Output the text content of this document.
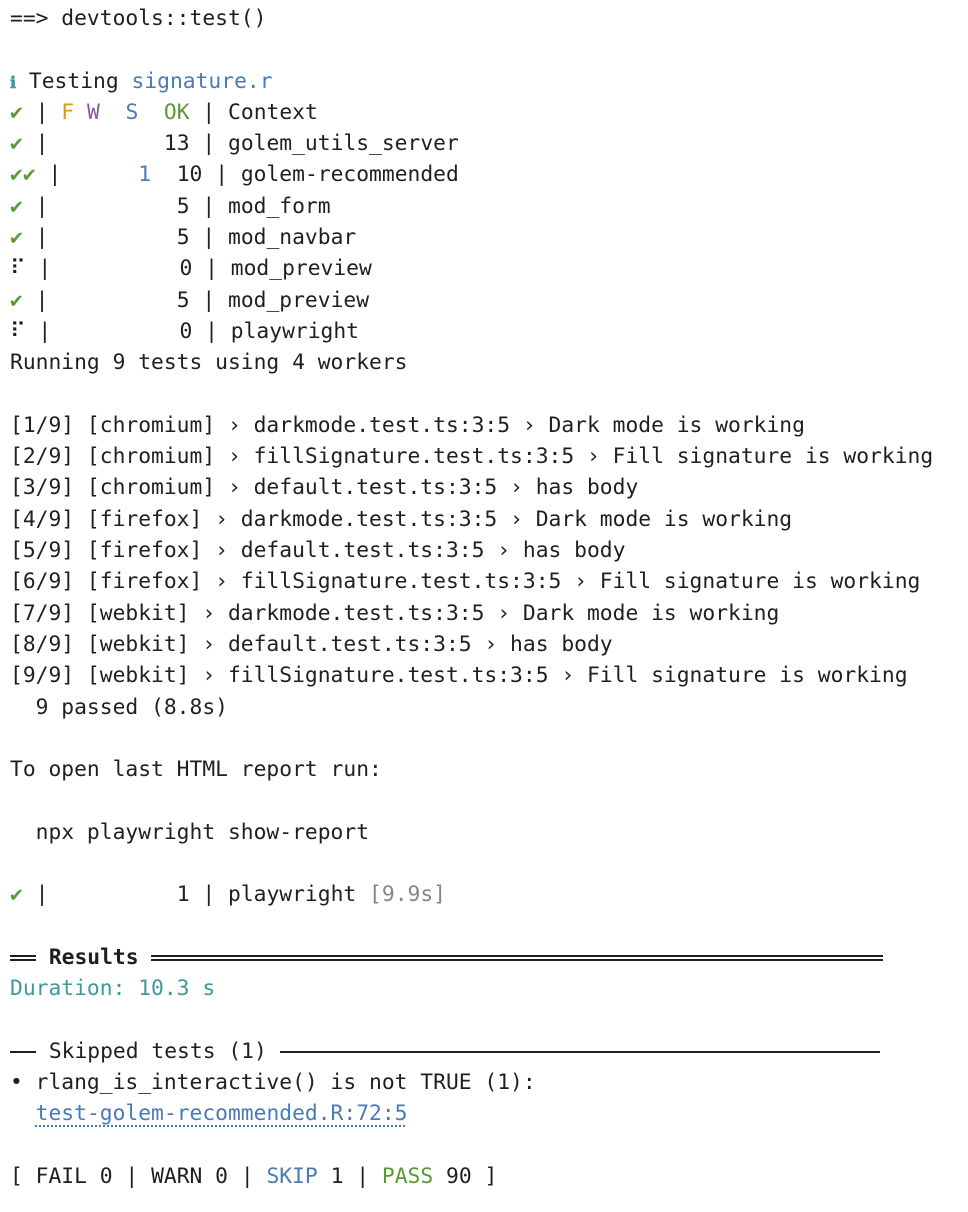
==> devtools::test()

ℹ Testing signature.r
✔ | F W S OK | Context
✔ |         13 | golem_utils_server
✔✔ |      1 10 | golem-recommended
✔ |          5 | mod_form
✔ |          5 | mod_navbar
⠏ |          0 | mod_preview
✔ |          5 | mod_preview
⠏ |          0 | playwright
Running 9 tests using 4 workers

[1/9] [chromium] › darkmode.test.ts:3:5 › Dark mode is working
[2/9] [chromium] › fillSignature.test.ts:3:5 › Fill signature is working
[3/9] [chromium] › default.test.ts:3:5 › has body
[4/9] [firefox] › darkmode.test.ts:3:5 › Dark mode is working
[5/9] [firefox] › default.test.ts:3:5 › has body
[6/9] [firefox] › fillSignature.test.ts:3:5 › Fill signature is working
[7/9] [webkit] › darkmode.test.ts:3:5 › Dark mode is working
[8/9] [webkit] › default.test.ts:3:5 › has body
[9/9] [webkit] › fillSignature.test.ts:3:5 › Fill signature is working
9 passed (8.8s)

To open last HTML report run:

npx playwright show-report

✔ |          1 | playwright [9.9s]

Results
Duration: 10.3 s

Skipped tests (1)
• rlang_is_interactive() is not TRUE (1):
test-golem-recommended.R:72:5

[ FAIL 0 | WARN 0 | SKIP 1 | PASS 90 ]
